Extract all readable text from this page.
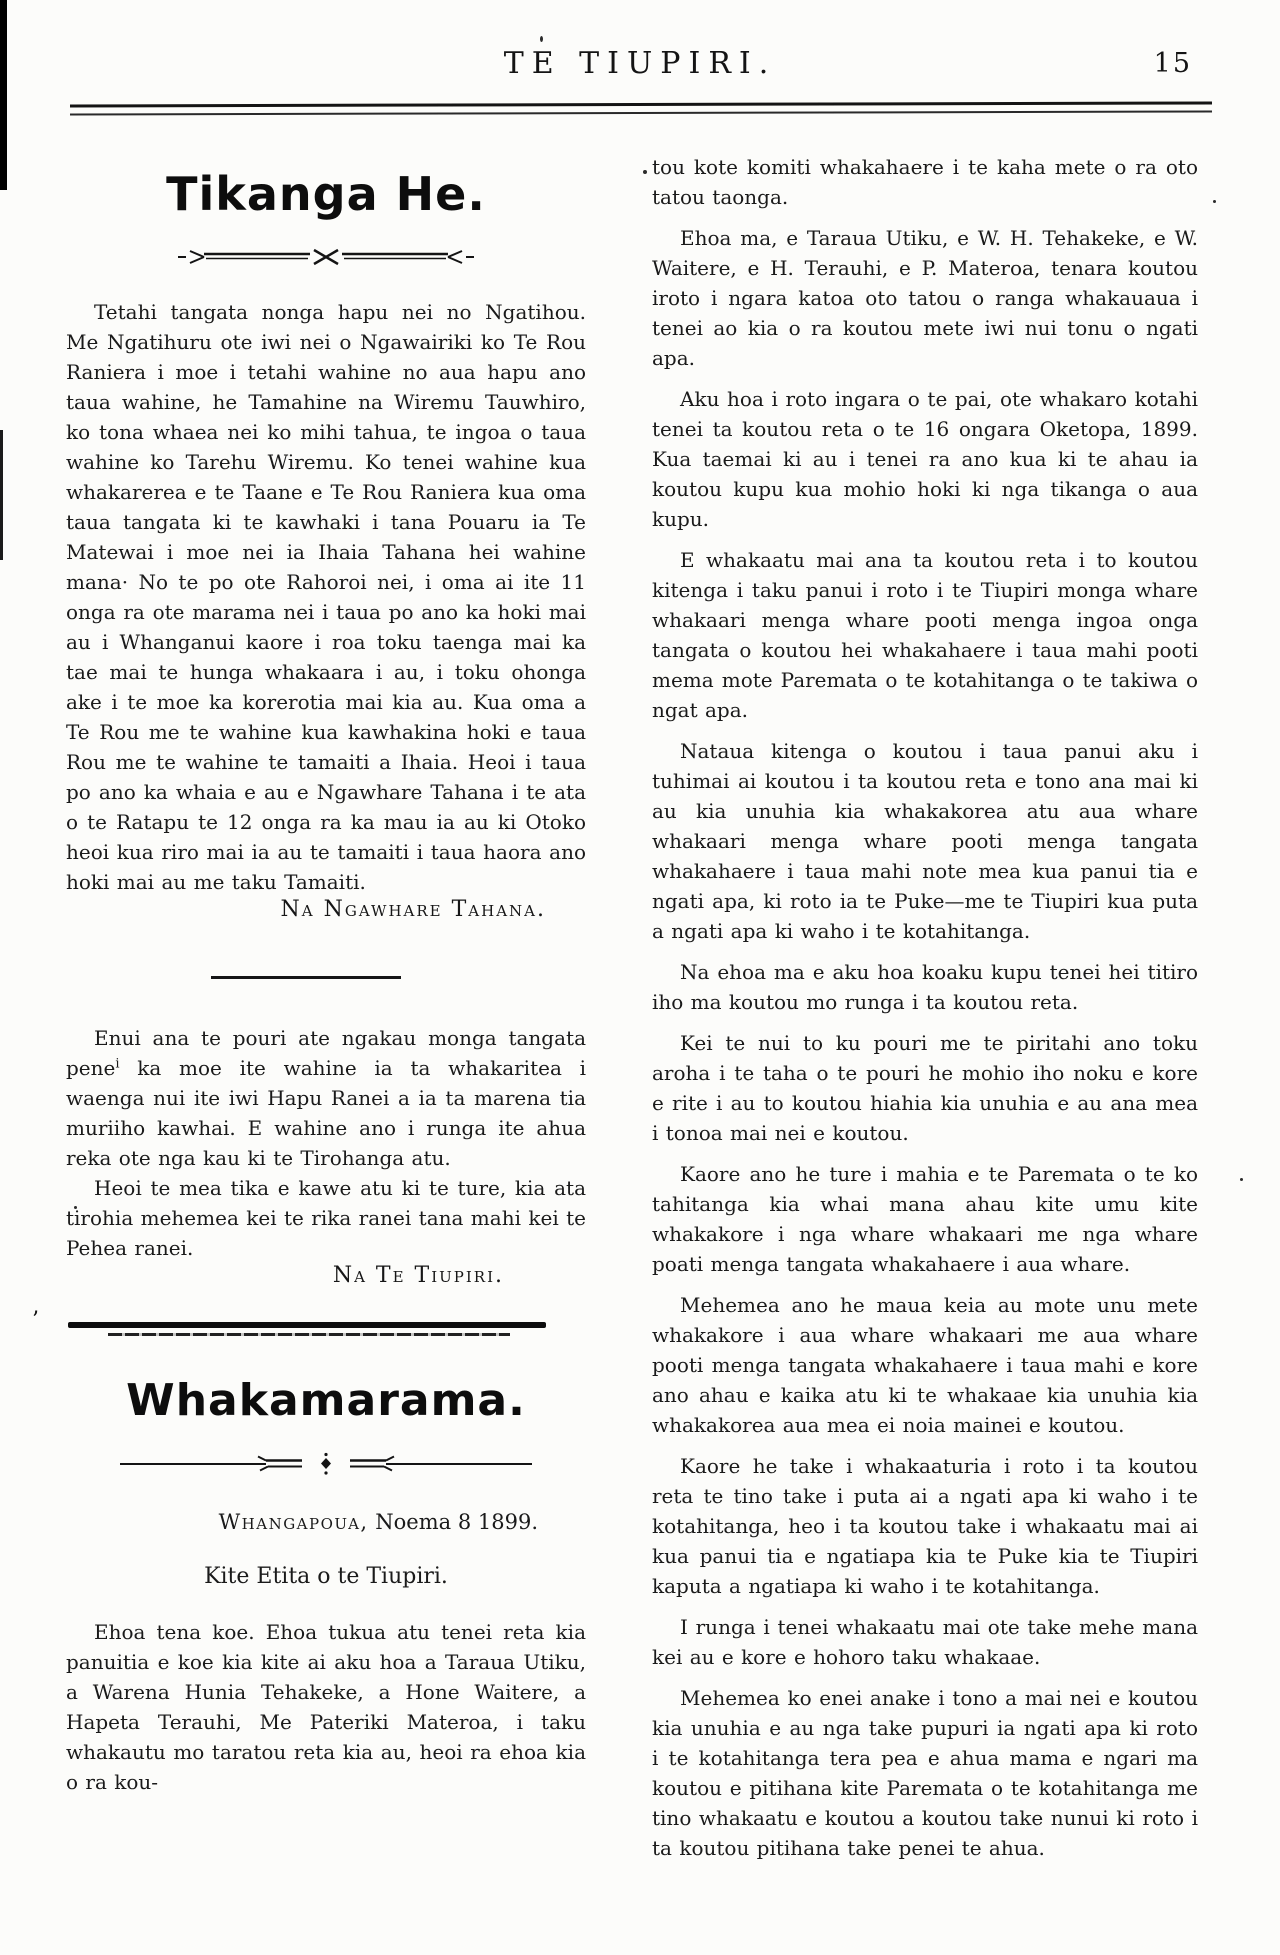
TE TIUPIRI.	15
Tikanga He.

Tetahi tangata nonga hapu nei no Ngatihou. Me Ngatihuru ote iwi nei o Ngawairiki ko Te Rou Raniera i moe i tetahi wahine no aua hapu ano taua wahine, he Tamahine na Wiremu Tauwhiro, ko tona whaea nei ko mihi tahua, te ingoa o taua wahine ko Tarehu Wiremu. Ko tenei wahine kua whakarerea e te Taane e Te Rou Raniera kua oma taua tangata ki te kawhaki i tana Pouaru ia Te Matewai i moe nei ia Ihaia Tahana hei wahine mana· No te po ote Rahoroi nei, i oma ai ite 11 onga ra ote marama nei i taua po ano ka hoki mai au i Whanganui kaore i roa toku taenga mai ka tae mai te hunga whakaara i au, i toku ohonga ake i te moe ka korerotia mai kia au. Kua oma a Te Rou me te wahine kua kawhakina hoki e taua Rou me te wahine te tamaiti a Ihaia. Heoi i taua po ano ka whaia e au e Ngawhare Tahana i te ata o te Ratapu te 12 onga ra ka mau ia au ki Otoko heoi kua riro mai ia au te tamaiti i taua haora ano hoki mai au me taku Tamaiti.

Na Ngawhare Tahana.

Enui ana te pouri ate ngakau monga tangata pene$^i$ ka moe ite wahine ia ta whakaritea i waenga nui ite iwi Hapu Ranei a ia ta marena tia muriiho kawhai. E wahine ano i runga ite ahua reka ote nga kau ki te Tirohanga atu.

Heoi te mea tika e kawe atu ki te ture, kia ata tirohia mehemea kei te rika ranei tana mahi kei te Pehea ranei.

Na Te Tiupiri.

’
Whakamarama.

Whangapoua, Noema 8 1899.

Kite Etita o te Tiupiri.

Ehoa tena koe. Ehoa tukua atu tenei reta kia panuitia e koe kia kite ai aku hoa a Taraua Utiku, a Warena Hunia Tehakeke, a Hone Waitere, a Hapeta Terauhi, Me Pateriki Materoa, i taku whakautu mo taratou reta kia au, heoi ra ehoa kia o ra kou-

tou kote komiti whakahaere i te kaha mete o ra oto tatou taonga.

Ehoa ma, e Taraua Utiku, e W. H. Tehakeke, e W. Waitere, e H. Terauhi, e P. Materoa, tenara koutou iroto i ngara katoa oto tatou o ranga whakauaua i tenei ao kia o ra koutou mete iwi nui tonu o ngati apa.

Aku hoa i roto ingara o te pai, ote whakaro kotahi tenei ta koutou reta o te 16 ongara Oketopa, 1899. Kua taemai ki au i tenei ra ano kua ki te ahau ia koutou kupu kua mohio hoki ki nga tikanga o aua kupu.

E whakaatu mai ana ta koutou reta i to koutou kitenga i taku panui i roto i te Tiupiri monga whare whakaari menga whare pooti menga ingoa onga tangata o koutou hei whakahaere i taua mahi pooti mema mote Paremata o te kotahitanga o te takiwa o ngat apa.

Nataua kitenga o koutou i taua panui aku i tuhimai ai koutou i ta koutou reta e tono ana mai ki au kia unuhia kia whakakorea atu aua whare whakaari menga whare pooti menga tangata whakahaere i taua mahi note mea kua panui tia e ngati apa, ki roto ia te Puke—me te Tiupiri kua puta a ngati apa ki waho i te kotahitanga.

Na ehoa ma e aku hoa koaku kupu tenei hei titiro iho ma koutou mo runga i ta koutou reta.

Kei te nui to ku pouri me te piritahi ano toku aroha i te taha o te pouri he mohio iho noku e kore e rite i au to koutou hiahia kia unuhia e au ana mea i tonoa mai nei e koutou.

Kaore ano he ture i mahia e te Paremata o te ko tahitanga kia whai mana ahau kite umu kite whakakore i nga whare whakaari me nga whare poati menga tangata whakahaere i aua whare.

Mehemea ano he maua keia au mote unu mete whakakore i aua whare whakaari me aua whare pooti menga tangata whakahaere i taua mahi e kore ano ahau e kaika atu ki te whakaae kia unuhia kia whakakorea aua mea ei noia mainei e koutou.

Kaore he take i whakaaturia i roto i ta koutou reta te tino take i puta ai a ngati apa ki waho i te kotahitanga, heo i ta koutou take i whakaatu mai ai kua panui tia e ngatiapa kia te Puke kia te Tiupiri kaputa a ngatiapa ki waho i te kotahitanga.

I runga i tenei whakaatu mai ote take mehe mana kei au e kore e hohoro taku whakaae.

Mehemea ko enei anake i tono a mai nei e koutou kia unuhia e au nga take pupuri ia ngati apa ki roto i te kotahitanga tera pea e ahua mama e ngari ma koutou e pitihana kite Paremata o te kotahitanga me tino whakaatu e koutou a koutou take nunui ki roto i ta koutou pitihana take penei te ahua.
